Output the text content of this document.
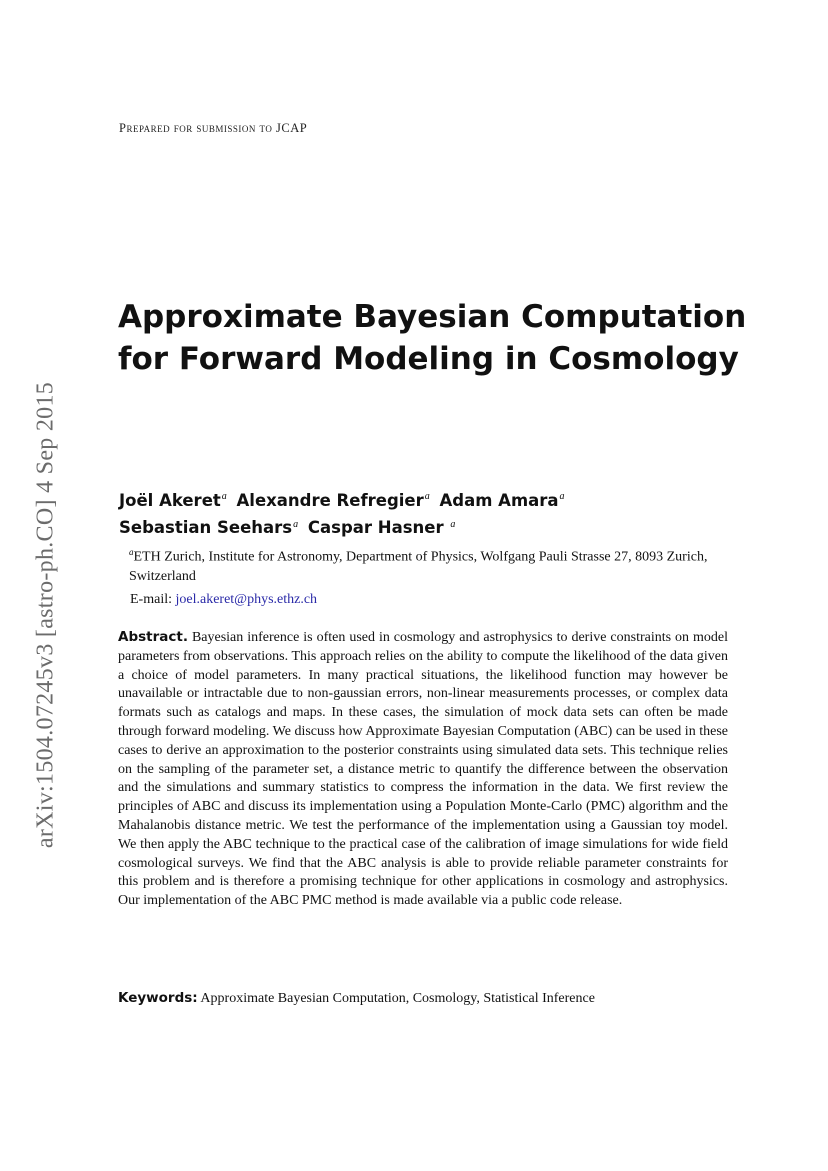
arXiv:1504.07245v3 [astro-ph.CO] 4 Sep 2015
Prepared for submission to JCAP
Approximate Bayesian Computation
for Forward Modeling in Cosmology
Joël Akeret$^a$ Alexandre Refregier$^a$ Adam Amara$^a$ Sebastian Seehars$^a$ Caspar Hasner $^a$
$^a$ETH Zurich, Institute for Astronomy, Department of Physics, Wolfgang Pauli Strasse 27, 8093 Zurich, Switzerland
E-mail: joel.akeret@phys.ethz.ch

Abstract. Bayesian inference is often used in cosmology and astrophysics to derive constraints on model parameters from observations. This approach relies on the ability to compute the likelihood of the data given a choice of model parameters. In many practical situations, the likelihood function may however be unavailable or intractable due to non-gaussian errors, non-linear measurements processes, or complex data formats such as catalogs and maps. In these cases, the simulation of mock data sets can often be made through forward modeling. We discuss how Approximate Bayesian Computation (ABC) can be used in these cases to derive an approximation to the posterior constraints using simulated data sets. This technique relies on the sampling of the parameter set, a distance metric to quantify the difference between the observation and the simulations and summary statistics to compress the information in the data. We first review the principles of ABC and discuss its implementation using a Population Monte-Carlo (PMC) algorithm and the Mahalanobis distance metric. We test the performance of the implementation using a Gaussian toy model. We then apply the ABC technique to the practical case of the calibration of image simulations for wide field cosmological surveys. We find that the ABC analysis is able to provide reliable parameter constraints for this problem and is therefore a promising technique for other applications in cosmology and astrophysics. Our implementation of the ABC PMC method is made available via a public code release.

Keywords: Approximate Bayesian Computation, Cosmology, Statistical Inference
